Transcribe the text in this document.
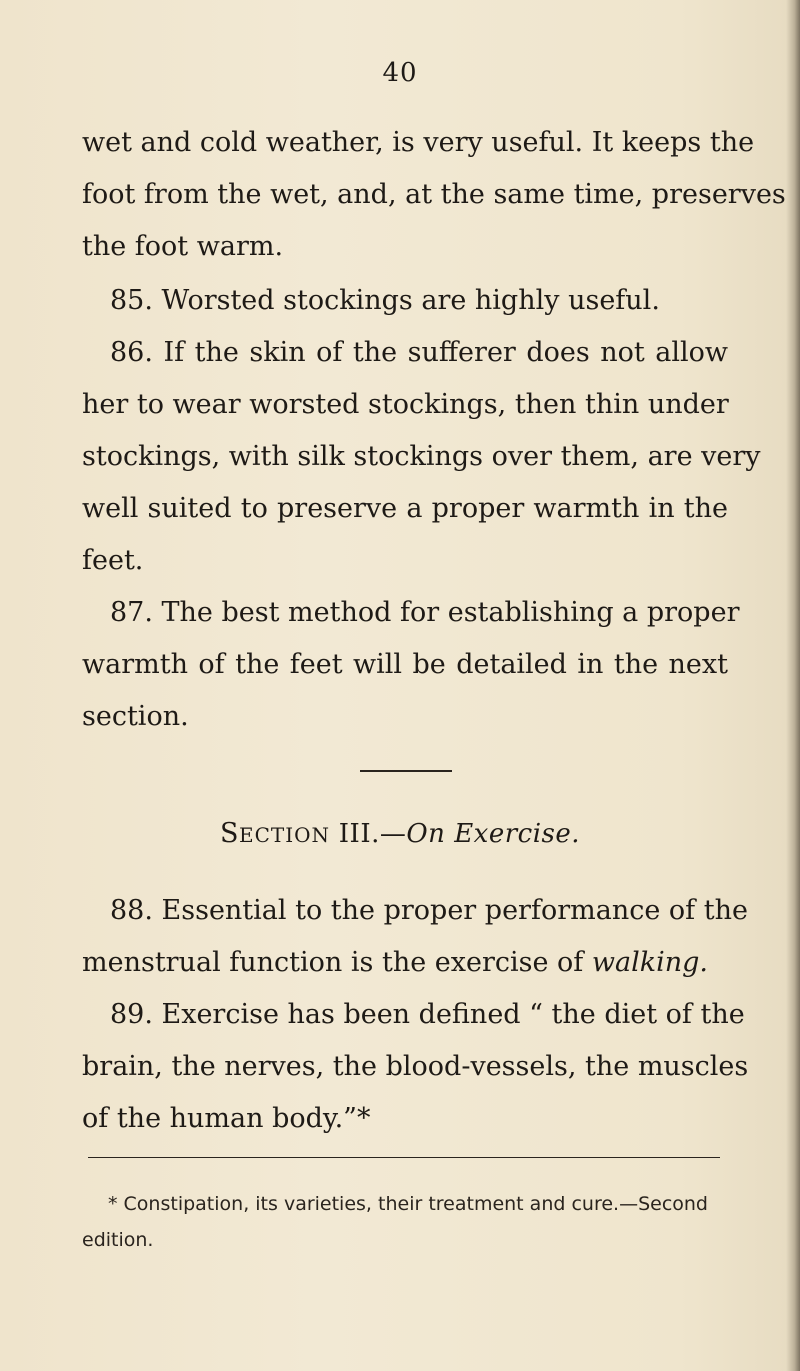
40
wet and cold weather, is very useful. It keeps the
foot from the wet, and, at the same time, preserves
the foot warm.
85. Worsted stockings are highly useful.
86. If the skin of the sufferer does not allow
her to wear worsted stockings, then thin under
stockings, with silk stockings over them, are very
well suited to preserve a proper warmth in the
feet.
87. The best method for establishing a proper
warmth of the feet will be detailed in the next
section.
SECTION III.—On Exercise.
88. Essential to the proper performance of the
menstrual function is the exercise of walking.
89. Exercise has been defined “ the diet of the
brain, the nerves, the blood-vessels, the muscles
of the human body.”*
* Constipation, its varieties, their treatment and cure.—Second
edition.
